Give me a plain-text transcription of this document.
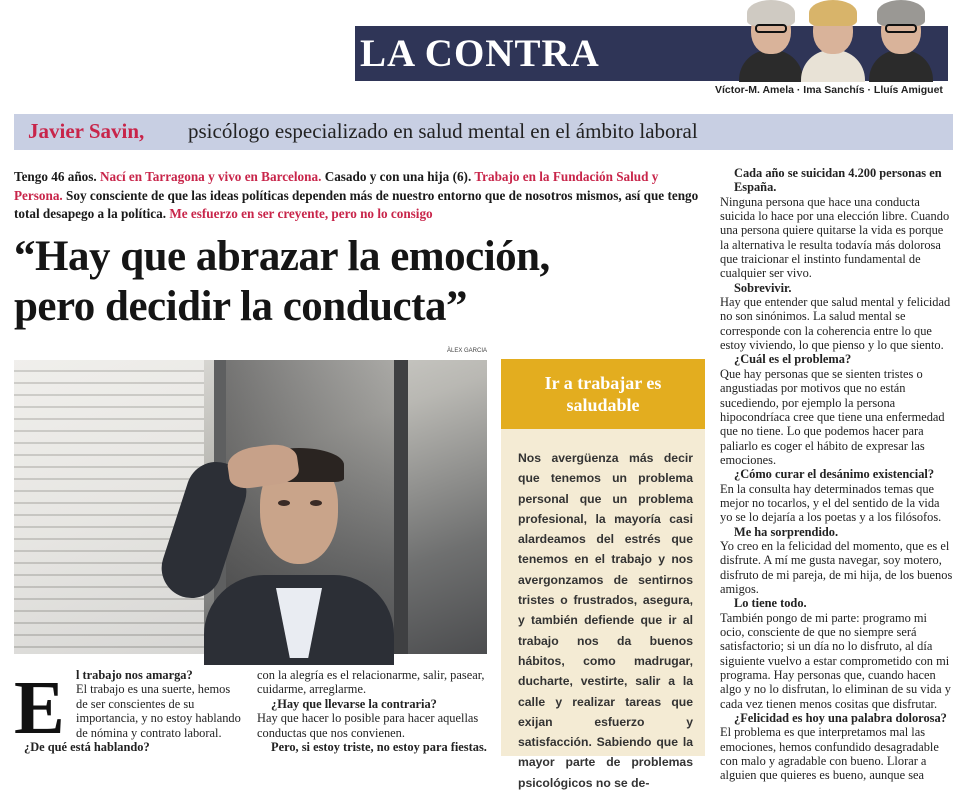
LA CONTRA
Víctor-M. Amela · Ima Sanchís · Lluís Amiguet
Javier Savin, psicólogo especializado en salud mental en el ámbito laboral
Tengo 46 años. Nací en Tarragona y vivo en Barcelona. Casado y con una hija (6). Trabajo en la Fundación Salud y Persona. Soy consciente de que las ideas políticas dependen más de nuestro entorno que de nosotros mismos, así que tengo total desapego a la política. Me esfuerzo en ser creyente, pero no lo consigo
“Hay que abrazar la emoción,
pero decidir la conducta”
ÀLEX GARCIA
Ir a trabajar es
saludable
Nos avergüenza más decir que tenemos un problema personal que un problema profesional, la mayoría casi alardeamos del estrés que tenemos en el trabajo y nos avergonzamos de sentirnos tristes o frustrados, asegura, y también defiende que ir al trabajo nos da buenos hábitos, como madrugar, ducharte, vestirte, salir a la calle y realizar tareas que exijan esfuerzo y satisfacción. Sabiendo que la mayor parte de problemas psicológicos no se de-
E l trabajo nos amarga?
El trabajo es una suerte, hemos de ser conscientes de su importancia, y no estoy hablando de nómina y contrato laboral.
¿De qué está hablando?
con la alegría es el relacionarme, salir, pasear, cuidarme, arreglarme.
¿Hay que llevarse la contraria?
Hay que hacer lo posible para hacer aquellas conductas que nos convienen.
Pero, si estoy triste, no estoy para fiestas.
Cada año se suicidan 4.200 personas en España.
Ninguna persona que hace una conducta suicida lo hace por una elección libre. Cuando una persona quiere quitarse la vida es porque la alternativa le resulta todavía más dolorosa que traicionar el instinto fundamental de cualquier ser vivo.
Sobrevivir.
Hay que entender que salud mental y felicidad no son sinónimos. La salud mental se corresponde con la coherencia entre lo que estoy viviendo, lo que pienso y lo que siento.
¿Cuál es el problema?
Que hay personas que se sienten tristes o angustiadas por motivos que no están sucediendo, por ejemplo la persona hipocondríaca cree que tiene una enfermedad que no tiene. Lo que podemos hacer para paliarlo es coger el hábito de expresar las emociones.
¿Cómo curar el desánimo existencial?
En la consulta hay determinados temas que mejor no tocarlos, y el del sentido de la vida yo se lo dejaría a los poetas y a los filósofos.
Me ha sorprendido.
Yo creo en la felicidad del momento, que es el disfrute. A mí me gusta navegar, soy motero, disfruto de mi pareja, de mi hija, de los buenos amigos.
Lo tiene todo.
También pongo de mi parte: programo mi ocio, consciente de que no siempre será satisfactorio; si un día no lo disfruto, al día siguiente vuelvo a estar comprometido con mi programa. Hay personas que, cuando hacen algo y no lo disfrutan, lo eliminan de su vida y cada vez tienen menos cositas que disfrutar.
¿Felicidad es hoy una palabra dolorosa?
El problema es que interpretamos mal las emociones, hemos confundido desagradable con malo y agradable con bueno. Llorar a alguien que quieres es bueno, aunque sea
